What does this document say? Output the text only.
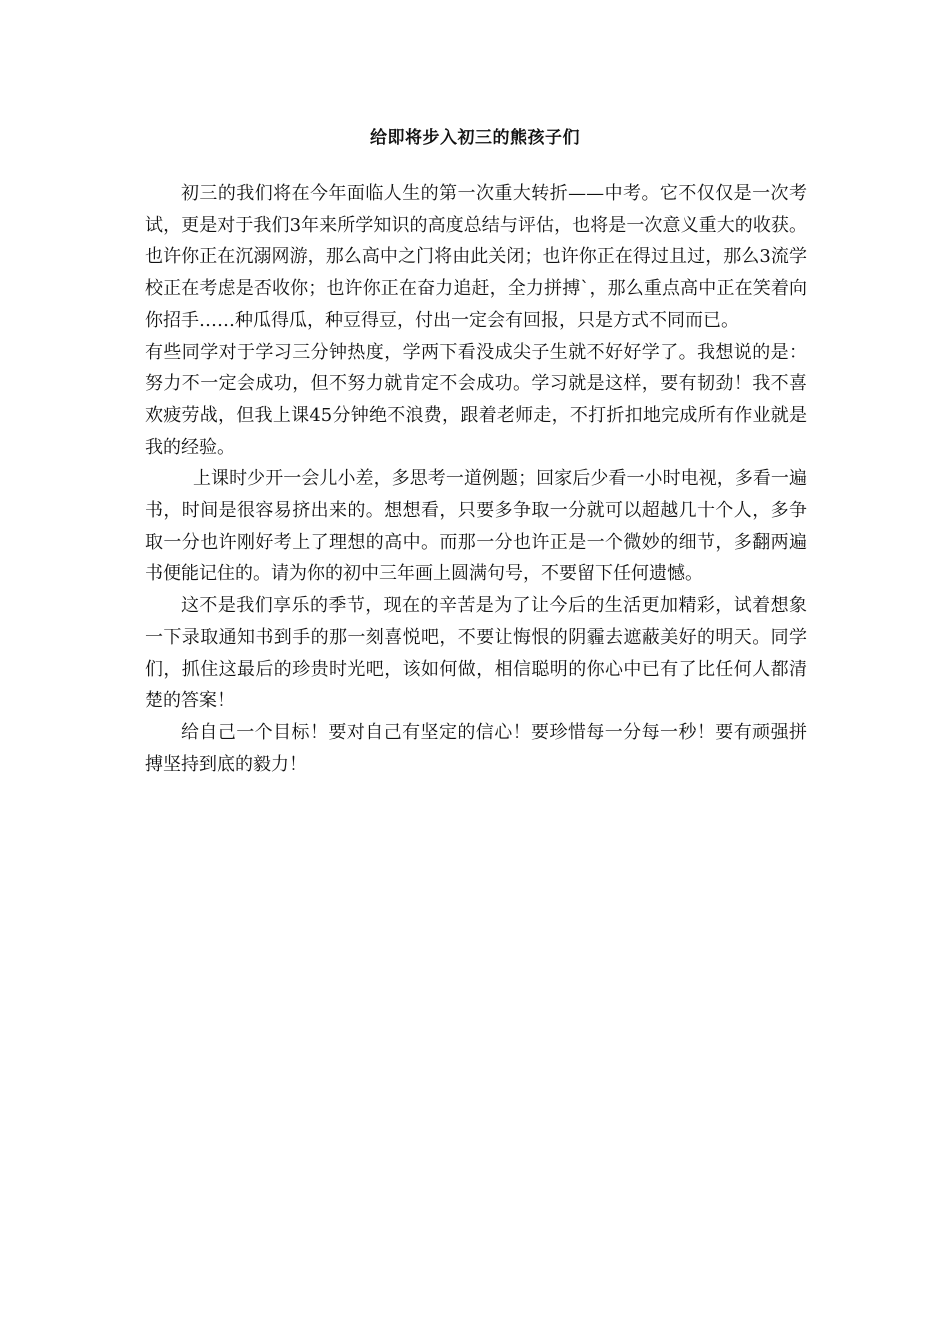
给即将步入初三的熊孩子们

初三的我们将在今年面临人生的第一次重大转折——中考。它不仅仅是一次考试，更是对于我们3年来所学知识的高度总结与评估，也将是一次意义重大的收获。也许你正在沉溺网游，那么高中之门将由此关闭；也许你正在得过且过，那么3流学校正在考虑是否收你；也许你正在奋力追赶，全力拼搏`，那么重点高中正在笑着向你招手……种瓜得瓜，种豆得豆，付出一定会有回报，只是方式不同而已。

有些同学对于学习三分钟热度，学两下看没成尖子生就不好好学了。我想说的是：努力不一定会成功，但不努力就肯定不会成功。学习就是这样，要有韧劲！我不喜欢疲劳战，但我上课45分钟绝不浪费，跟着老师走，不打折扣地完成所有作业就是我的经验。

上课时少开一会儿小差，多思考一道例题；回家后少看一小时电视，多看一遍书，时间是很容易挤出来的。想想看，只要多争取一分就可以超越几十个人，多争取一分也许刚好考上了理想的高中。而那一分也许正是一个微妙的细节，多翻两遍书便能记住的。请为你的初中三年画上圆满句号，不要留下任何遗憾。

这不是我们享乐的季节，现在的辛苦是为了让今后的生活更加精彩，试着想象一下录取通知书到手的那一刻喜悦吧，不要让悔恨的阴霾去遮蔽美好的明天。同学们，抓住这最后的珍贵时光吧，该如何做，相信聪明的你心中已有了比任何人都清楚的答案！

给自己一个目标！要对自己有坚定的信心！要珍惜每一分每一秒！要有顽强拼搏坚持到底的毅力！
